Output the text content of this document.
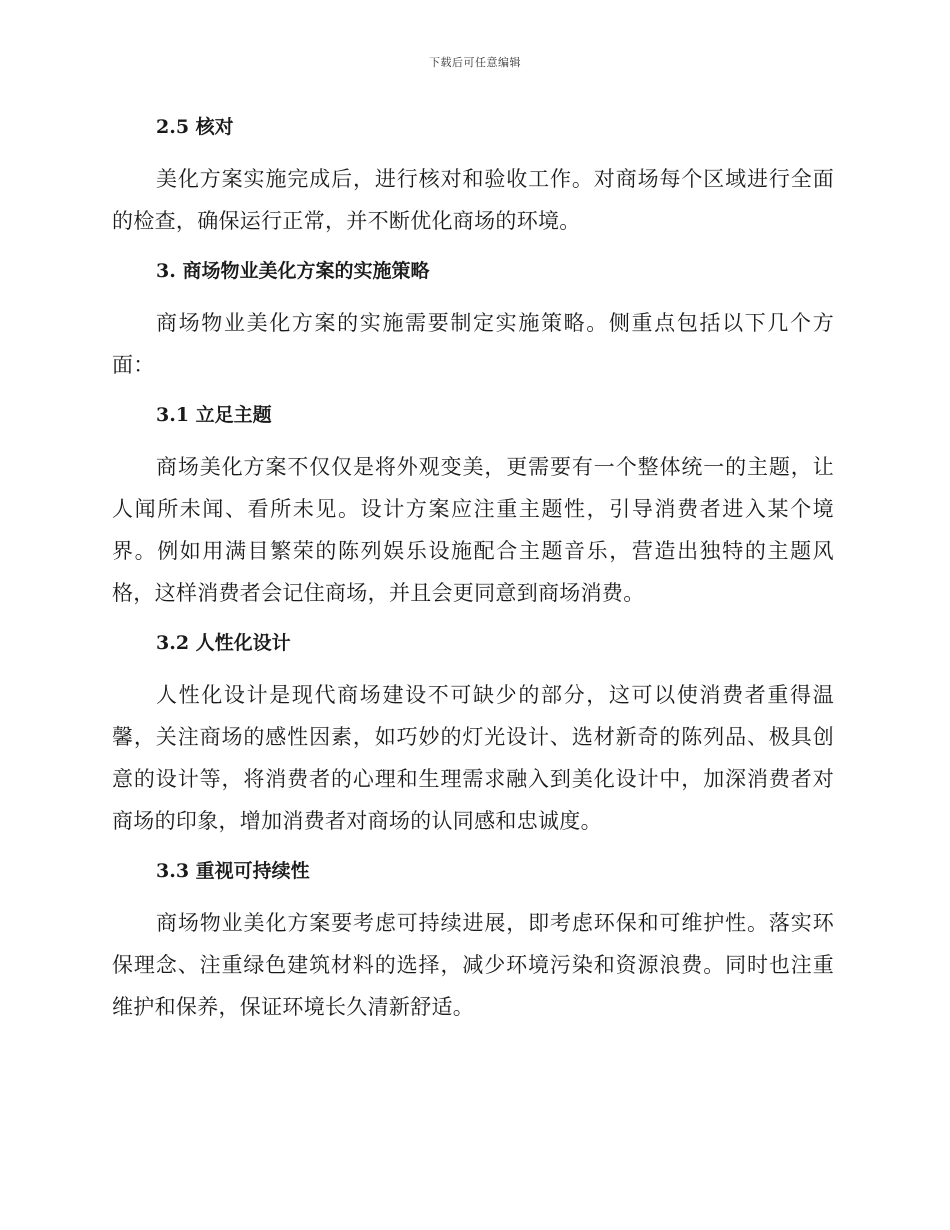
下载后可任意编辑
2.5 核对

美化方案实施完成后，进行核对和验收工作。对商场每个区域进行全面的检查，确保运行正常，并不断优化商场的环境。

3. 商场物业美化方案的实施策略

商场物业美化方案的实施需要制定实施策略。侧重点包括以下几个方面：

3.1 立足主题

商场美化方案不仅仅是将外观变美，更需要有一个整体统一的主题，让人闻所未闻、看所未见。设计方案应注重主题性，引导消费者进入某个境界。例如用满目繁荣的陈列娱乐设施配合主题音乐，营造出独特的主题风格，这样消费者会记住商场，并且会更同意到商场消费。

3.2 人性化设计

人性化设计是现代商场建设不可缺少的部分，这可以使消费者重得温馨，关注商场的感性因素，如巧妙的灯光设计、选材新奇的陈列品、极具创意的设计等，将消费者的心理和生理需求融入到美化设计中，加深消费者对商场的印象，增加消费者对商场的认同感和忠诚度。

3.3 重视可持续性

商场物业美化方案要考虑可持续进展，即考虑环保和可维护性。落实环保理念、注重绿色建筑材料的选择，减少环境污染和资源浪费。同时也注重维护和保养，保证环境长久清新舒适。
